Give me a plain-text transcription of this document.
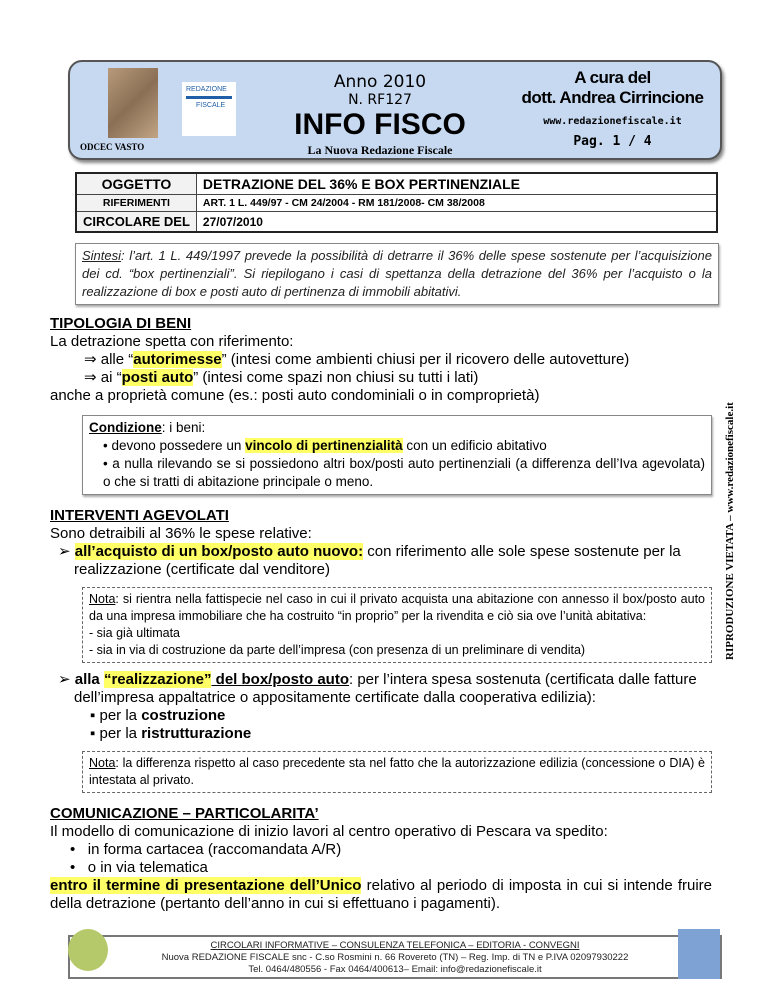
ODCEC VASTO
REDAZIONE
FISCALE
Anno 2010
N. RF127
INFO FISCO
La Nuova Redazione Fiscale
A cura del
dott. Andrea Cirrincione
www.redazionefiscale.it
Pag. 1 / 4
OGGETTO	DETRAZIONE DEL 36% E BOX PERTINENZIALE
RIFERIMENTI	ART. 1 L. 449/97 - CM 24/2004 - RM 181/2008- CM 38/2008
CIRCOLARE DEL	27/07/2010
Sintesi: l’art. 1 L. 449/1997 prevede la possibilità di detrarre il 36% delle spese sostenute per l’acquisizione dei cd. “box pertinenziali”. Si riepilogano i casi di spettanza della detrazione del 36% per l’acquisto o la realizzazione di box e posti auto di pertinenza di immobili abitativi.
TIPOLOGIA DI BENI
La detrazione spetta con riferimento:
⇒ alle “autorimesse” (intesi come ambienti chiusi per il ricovero delle autovetture)
⇒ ai “posti auto” (intesi come spazi non chiusi su tutti i lati)
anche a proprietà comune (es.: posti auto condominiali o in comproprietà)
Condizione: i beni:
• devono possedere un vincolo di pertinenzialità con un edificio abitativo
• a nulla rilevando se si possiedono altri box/posti auto pertinenziali (a differenza dell’Iva agevolata) o che si tratti di abitazione principale o meno.
INTERVENTI AGEVOLATI
Sono detraibili al 36% le spese relative:
➢ all’acquisto di un box/posto auto nuovo: con riferimento alle sole spese sostenute per la realizzazione (certificate dal venditore)
Nota: si rientra nella fattispecie nel caso in cui il privato acquista una abitazione con annesso il box/posto auto da una impresa immobiliare che ha costruito “in proprio” per la rivendita e ciò sia ove l’unità abitativa:
- sia già ultimata
- sia in via di costruzione da parte dell’impresa (con presenza di un preliminare di vendita)
➢ alla “realizzazione” del box/posto auto: per l’intera spesa sostenuta (certificata dalle fatture dell’impresa appaltatrice o appositamente certificate dalla cooperativa edilizia):
▪ per la costruzione
▪ per la ristrutturazione
Nota: la differenza rispetto al caso precedente sta nel fatto che la autorizzazione edilizia (concessione o DIA) è intestata al privato.
COMUNICAZIONE – PARTICOLARITA’
Il modello di comunicazione di inizio lavori al centro operativo di Pescara va spedito:
•   in forma cartacea (raccomandata A/R)
•   o in via telematica
entro il termine di presentazione dell’Unico relativo al periodo di imposta in cui si intende fruire della detrazione (pertanto dell’anno in cui si effettuano i pagamenti).
CIRCOLARI INFORMATIVE – CONSULENZA TELEFONICA – EDITORIA - CONVEGNI
Nuova REDAZIONE FISCALE snc - C.so Rosmini n. 66 Rovereto (TN) – Reg. Imp. di TN e P.IVA 02097930222
Tel. 0464/480556 - Fax 0464/400613– Email: info@redazionefiscale.it
RIPRODUZIONE VIETATA – www.redazionefiscale.it
